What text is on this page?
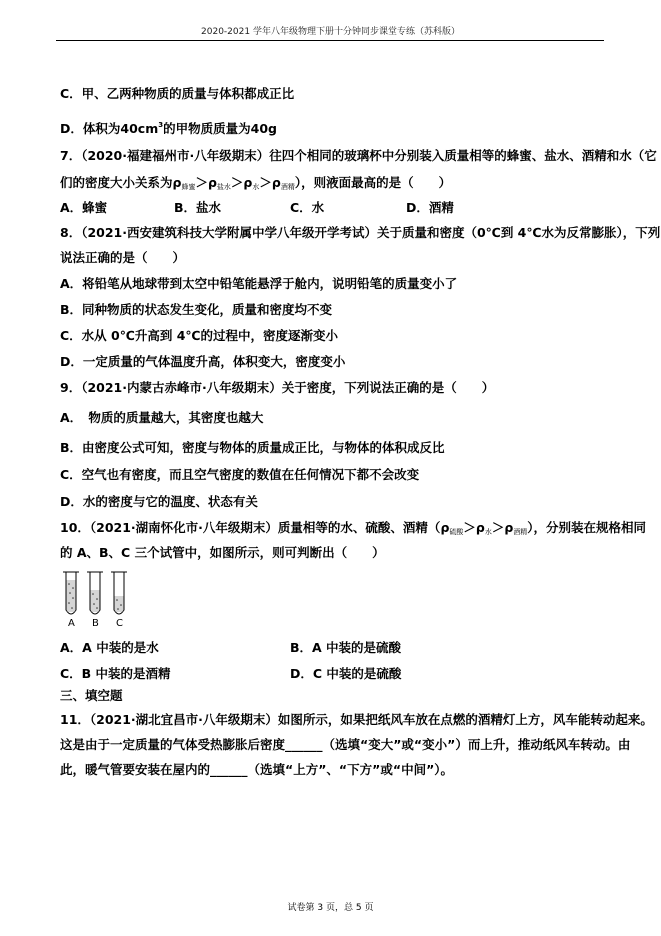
2020-2021 学年八年级物理下册十分钟同步课堂专练（苏科版）
C．甲、乙两种物质的质量与体积都成正比
D．体积为$40cm^3$的甲物质质量为40g
7．（2020·福建福州市·八年级期末）往四个相同的玻璃杯中分别装入质量相等的蜂蜜、盐水、酒精和水（它
们的密度大小关系为$\rho_{蜂蜜}>\rho_{盐水}>\rho_水>\rho_{酒精}$），则液面最高的是（　　）
A．蜂蜜	B．盐水	C．水	D．酒精
8．（2021·西安建筑科技大学附属中学八年级开学考试）关于质量和密度（0℃到 4℃水为反常膨胀），下列
说法正确的是（　　）
A．将铅笔从地球带到太空中铅笔能悬浮于舱内，说明铅笔的质量变小了
B．同种物质的状态发生变化，质量和密度均不变
C．水从 0℃升高到 4℃的过程中，密度逐渐变小
D．一定质量的气体温度升高，体积变大，密度变小
9．（2021·内蒙古赤峰市·八年级期末）关于密度，下列说法正确的是（　　）
A．　物质的质量越大，其密度也越大
B．由密度公式可知，密度与物体的质量成正比，与物体的体积成反比
C．空气也有密度，而且空气密度的数值在任何情况下都不会改变
D．水的密度与它的温度、状态有关
10．（2021·湖南怀化市·八年级期末）质量相等的水、硫酸、酒精$(\rho_{硫酸}>\rho_水>\rho_{酒精})$，分别装在规格相同
的 A、B、C 三个试管中，如图所示，则可判断出（　　）
A B C
A．A 中装的是水	B．A 中装的是硫酸
C．B 中装的是酒精	D．C 中装的是硫酸
三、填空题
11．（2021·湖北宜昌市·八年级期末）如图所示，如果把纸风车放在点燃的酒精灯上方，风车能转动起来。
这是由于一定质量的气体受热膨胀后密度______（选填“变大”或“变小”）而上升，推动纸风车转动。由
此，暖气管要安装在屋内的______（选填“上方”、“下方”或“中间”）。
试卷第 3 页，总 5 页
